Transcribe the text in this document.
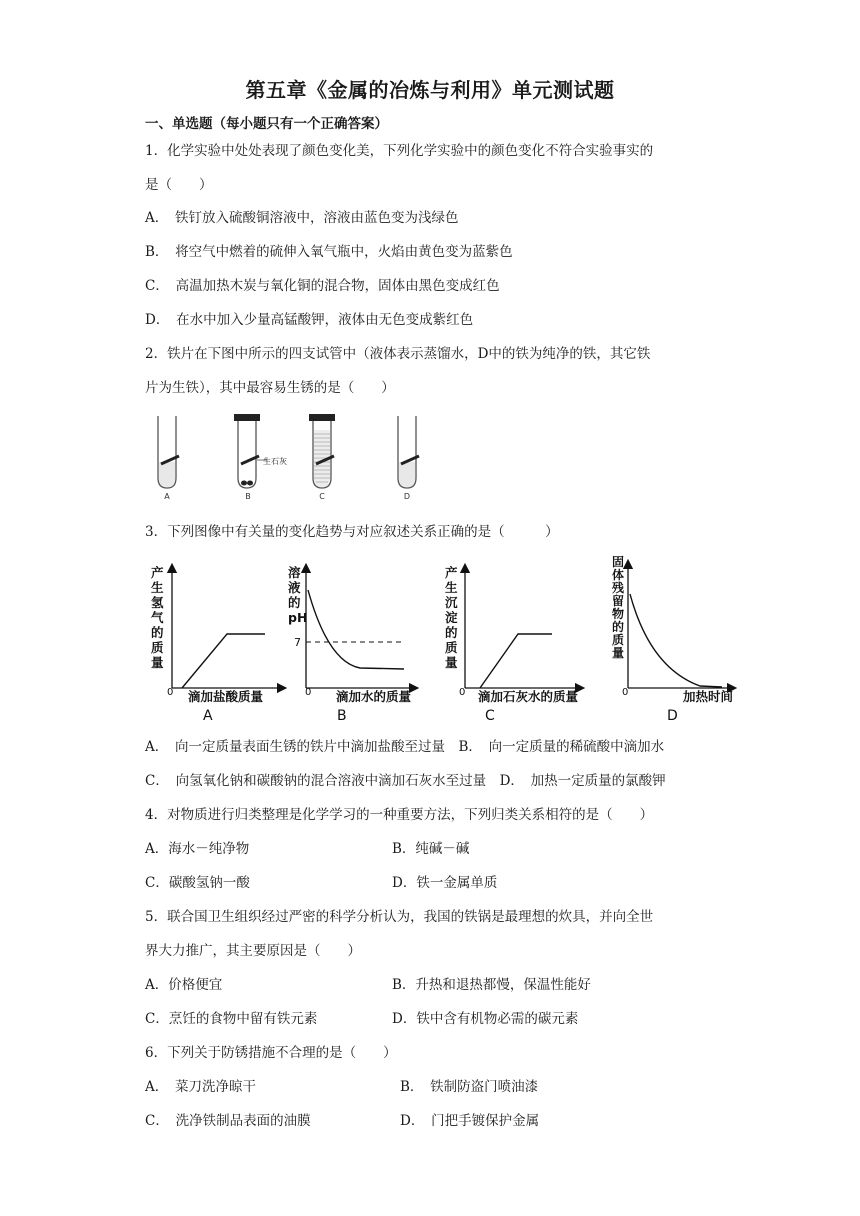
第五章《金属的冶炼与利用》单元测试题
一、单选题（每小题只有一个正确答案）
1．化学实验中处处表现了颜色变化美，下列化学实验中的颜色变化不符合实验事实的
是（　　）
A．　铁钉放入硫酸铜溶液中，溶液由蓝色变为浅绿色
B．　将空气中燃着的硫伸入氧气瓶中，火焰由黄色变为蓝紫色
C．　高温加热木炭与氧化铜的混合物，固体由黑色变成红色
D．　在水中加入少量高锰酸钾，液体由无色变成紫红色
2．铁片在下图中所示的四支试管中（液体表示蒸馏水，D中的铁为纯净的铁，其它铁
片为生铁），其中最容易生锈的是（　　）
A
生石灰
B	C	D
3．下列图像中有关量的变化趋势与对应叙述关系正确的是（　　　）
产生氢气的质量
0 滴加盐酸质量
A
溶液的 pH
7
0 滴加水的质量
B
产生沉淀的质量
0 滴加石灰水的质量
C
固体残留物的质量
0	加热时间
D
A．　向一定质量表面生锈的铁片中滴加盐酸至过量　B．　向一定质量的稀硫酸中滴加水
C．　向氢氧化钠和碳酸钠的混合溶液中滴加石灰水至过量　D．　加热一定质量的氯酸钾
4．对物质进行归类整理是化学学习的一种重要方法，下列归类关系相符的是（　　）
A．海水－纯净物	B．纯碱－碱
C．碳酸氢钠一酸	D．铁一金属单质
5．联合国卫生组织经过严密的科学分析认为，我国的铁锅是最理想的炊具，并向全世
界大力推广，其主要原因是（　　）
A．价格便宜	B．升热和退热都慢，保温性能好
C．烹饪的食物中留有铁元素	D．铁中含有机物必需的碳元素
6．下列关于防锈措施不合理的是（　　）
A．　菜刀洗净晾干	B．　铁制防盗门喷油漆
C．　洗净铁制品表面的油膜	D．　门把手镀保护金属
